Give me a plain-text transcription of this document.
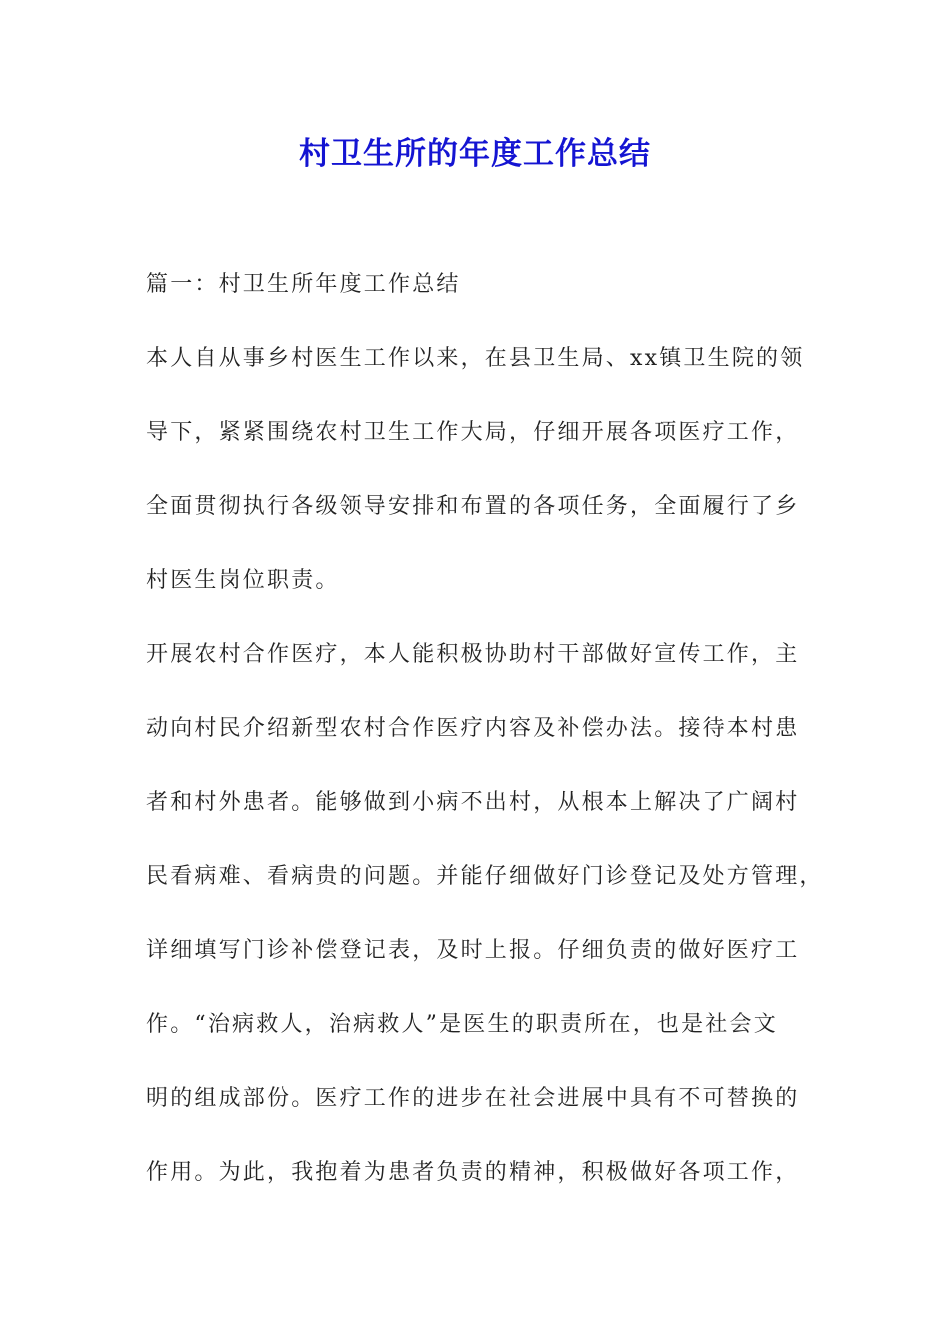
村卫生所的年度工作总结
篇一：村卫生所年度工作总结
本人自从事乡村医生工作以来，在县卫生局、xx镇卫生院的领
导下，紧紧围绕农村卫生工作大局，仔细开展各项医疗工作，
全面贯彻执行各级领导安排和布置的各项任务，全面履行了乡
村医生岗位职责。
开展农村合作医疗，本人能积极协助村干部做好宣传工作，主
动向村民介绍新型农村合作医疗内容及补偿办法。接待本村患
者和村外患者。能够做到小病不出村，从根本上解决了广阔村
民看病难、看病贵的问题。并能仔细做好门诊登记及处方管理，
详细填写门诊补偿登记表，及时上报。仔细负责的做好医疗工
作。“治病救人，治病救人”是医生的职责所在，也是社会文
明的组成部份。医疗工作的进步在社会进展中具有不可替换的
作用。为此，我抱着为患者负责的精神，积极做好各项工作，
